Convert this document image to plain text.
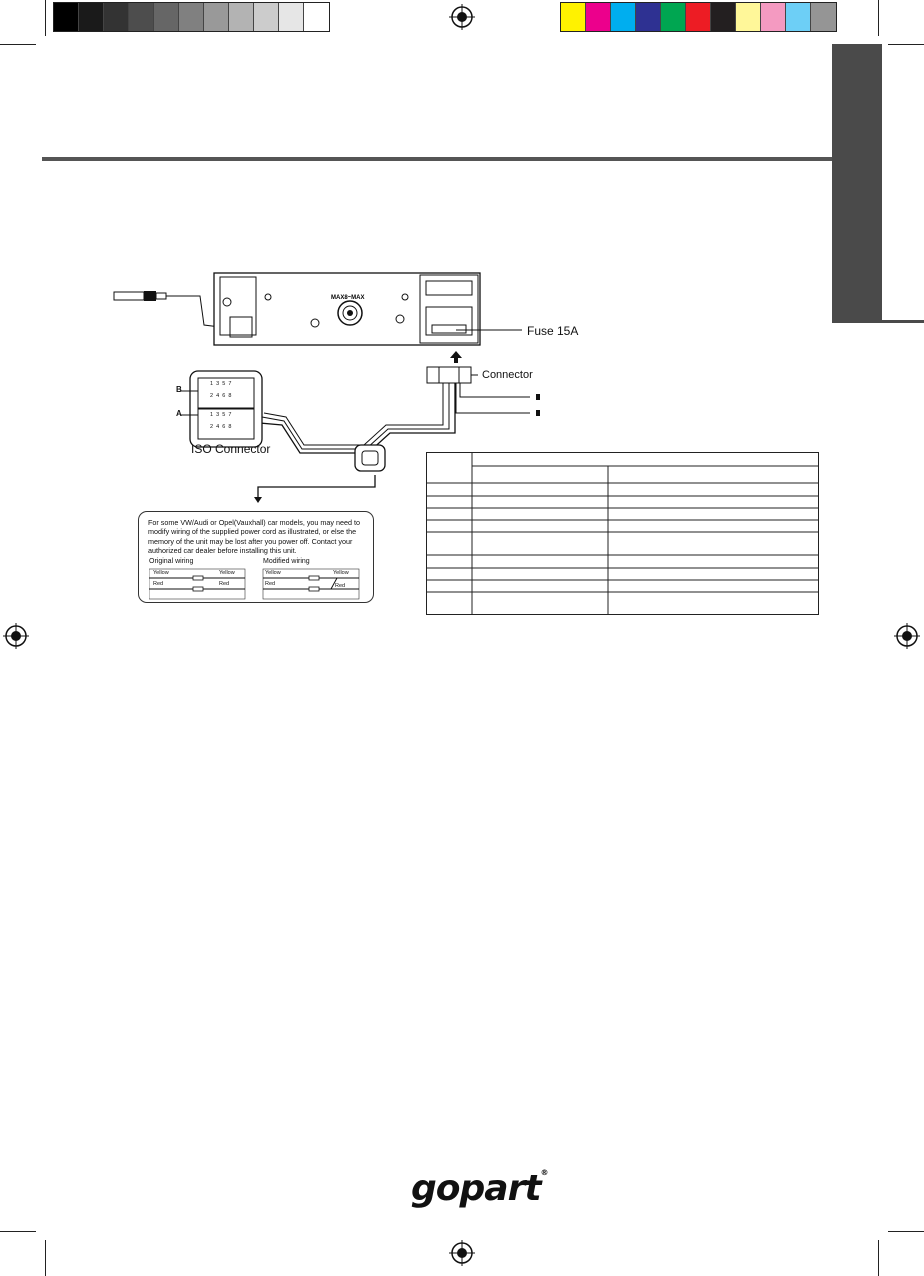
MAX8~MAX
1 3 5 7
2 4 6 8
1 3 5 7
2 4 6 8
B
A
ISO Connector
Fuse 15A
Connector
For some VW/Audi or Opel(Vauxhall) car models, you may need to modify wiring of the supplied power cord as illustrated, or else the memory of the unit may be lost after you power off. Contact your authorized car dealer before installing this unit.
Original wiring	Modified wiring
Yellow	Yellow
Red	Red
Yellow	Yellow
Red	Red
gopart®
